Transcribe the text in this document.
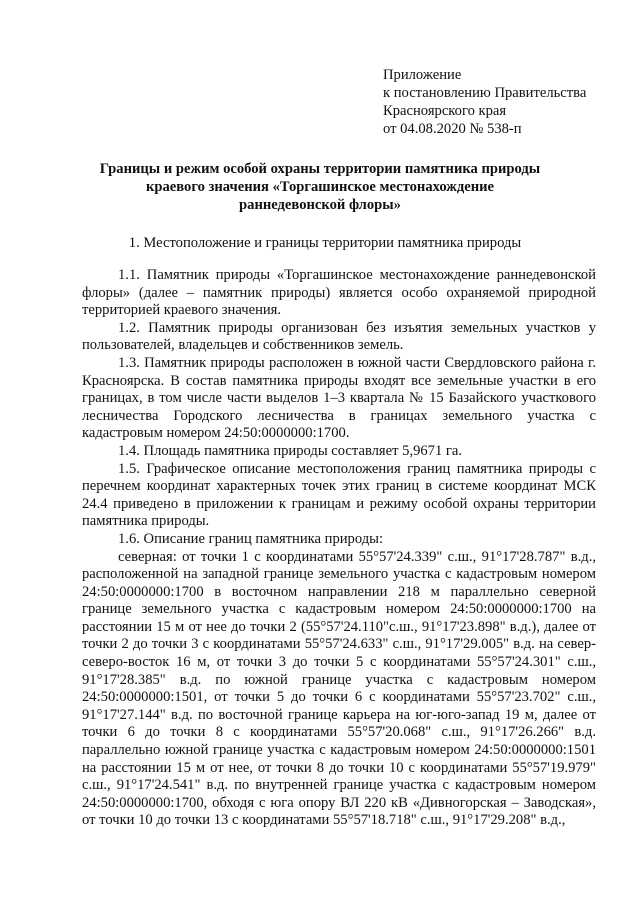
Приложение
к постановлению Правительства
Красноярского края
от 04.08.2020 № 538-п
Границы и режим особой охраны территории памятника природы
краевого значения «Торгашинское местонахождение
раннедевонской флоры»
1. Местоположение и границы территории памятника природы

1.1. Памятник природы «Торгашинское местонахождение раннедевонской флоры» (далее – памятник природы) является особо охраняемой природной территорией краевого значения.

1.2. Памятник природы организован без изъятия земельных участков у пользователей, владельцев и собственников земель.

1.3. Памятник природы расположен в южной части Свердловского района г. Красноярска. В состав памятника природы входят все земельные участки в его границах, в том числе части выделов 1–3 квартала № 15 Базайского участкового лесничества Городского лесничества в границах земельного участка с кадастровым номером 24:50:0000000:1700.

1.4. Площадь памятника природы составляет 5,9671 га.

1.5. Графическое описание местоположения границ памятника природы с перечнем координат характерных точек этих границ в системе координат МСК 24.4 приведено в приложении к границам и режиму особой охраны территории памятника природы.

1.6. Описание границ памятника природы:

северная: от точки 1 с координатами 55°57'24.339" с.ш., 91°17'28.787" в.д., расположенной на западной границе земельного участка с кадастровым номером 24:50:0000000:1700 в восточном направлении 218 м параллельно северной границе земельного участка с кадастровым номером 24:50:0000000:1700 на расстоянии 15 м от нее до точки 2 (55°57'24.110"с.ш., 91°17'23.898" в.д.), далее от точки 2 до точки 3 с координатами 55°57'24.633" с.ш., 91°17'29.005" в.д. на север-северо-восток 16 м, от точки 3 до точки 5 с координатами 55°57'24.301" с.ш., 91°17'28.385" в.д. по южной границе участка с кадастровым номером 24:50:0000000:1501, от точки 5 до точки 6 с координатами 55°57'23.702" с.ш., 91°17'27.144" в.д. по восточной границе карьера на юг-юго-запад 19 м, далее от точки 6 до точки 8 с координатами 55°57'20.068" с.ш., 91°17'26.266" в.д. параллельно южной границе участка с кадастровым номером 24:50:0000000:1501 на расстоянии 15 м от нее, от точки 8 до точки 10 с координатами 55°57'19.979" с.ш., 91°17'24.541" в.д. по внутренней границе участка с кадастровым номером 24:50:0000000:1700, обходя с юга опору ВЛ 220 кВ «Дивногорская – Заводская», от точки 10 до точки 13 с координатами 55°57'18.718" с.ш., 91°17'29.208" в.д.,
